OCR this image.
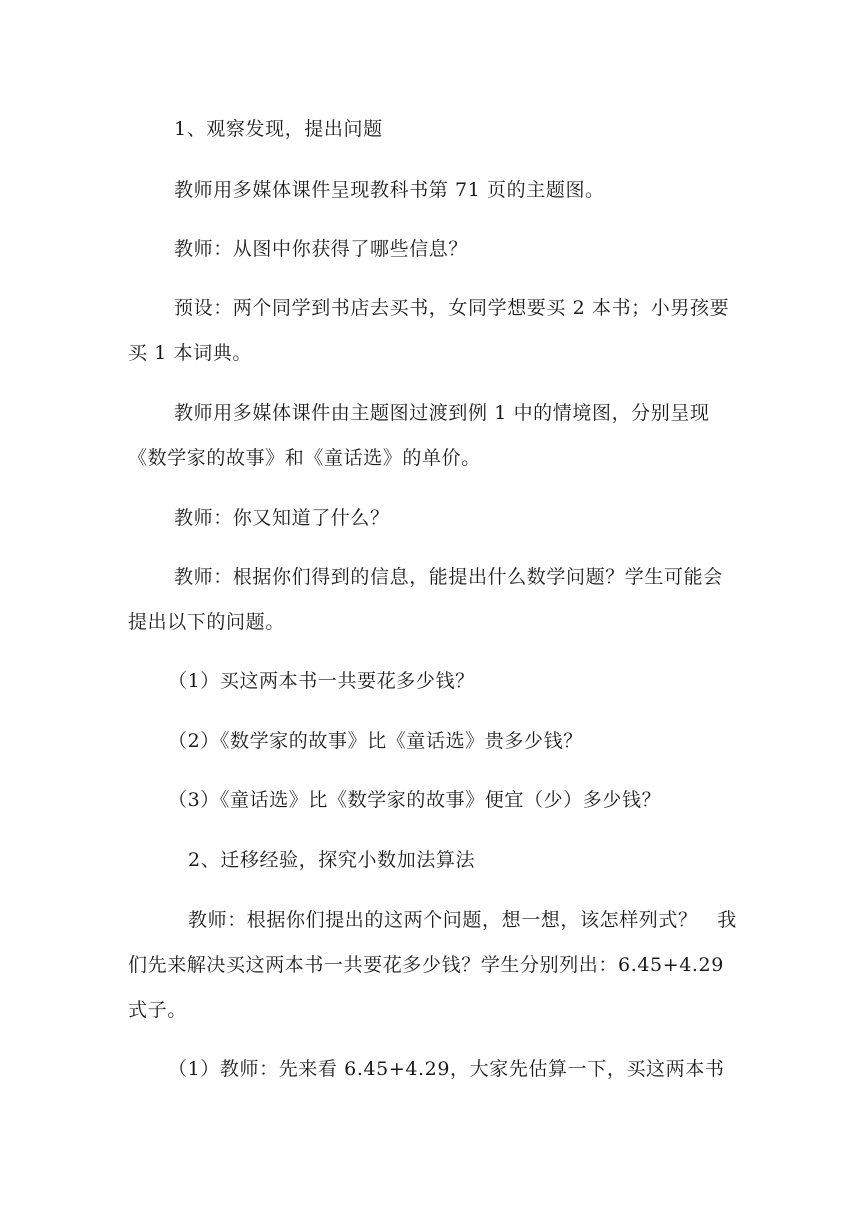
1、观察发现，提出问题
教师用多媒体课件呈现教科书第 71 页的主题图。
教师：从图中你获得了哪些信息？
预设：两个同学到书店去买书，女同学想要买 2 本书；小男孩要
买 1 本词典。
教师用多媒体课件由主题图过渡到例 1 中的情境图，分别呈现
《数学家的故事》和《童话选》的单价。
教师：你又知道了什么？
教师：根据你们得到的信息，能提出什么数学问题？学生可能会
提出以下的问题。
（1）买这两本书一共要花多少钱？
（2）《数学家的故事》比《童话选》贵多少钱？
（3）《童话选》比《数学家的故事》便宜（少）多少钱？
2、迁移经验，探究小数加法算法
教师：根据你们提出的这两个问题，想一想，该怎样列式？　我
们先来解决买这两本书一共要花多少钱？学生分别列出：6.45+4.29
式子。
（1）教师：先来看 6.45+4.29，大家先估算一下，买这两本书
